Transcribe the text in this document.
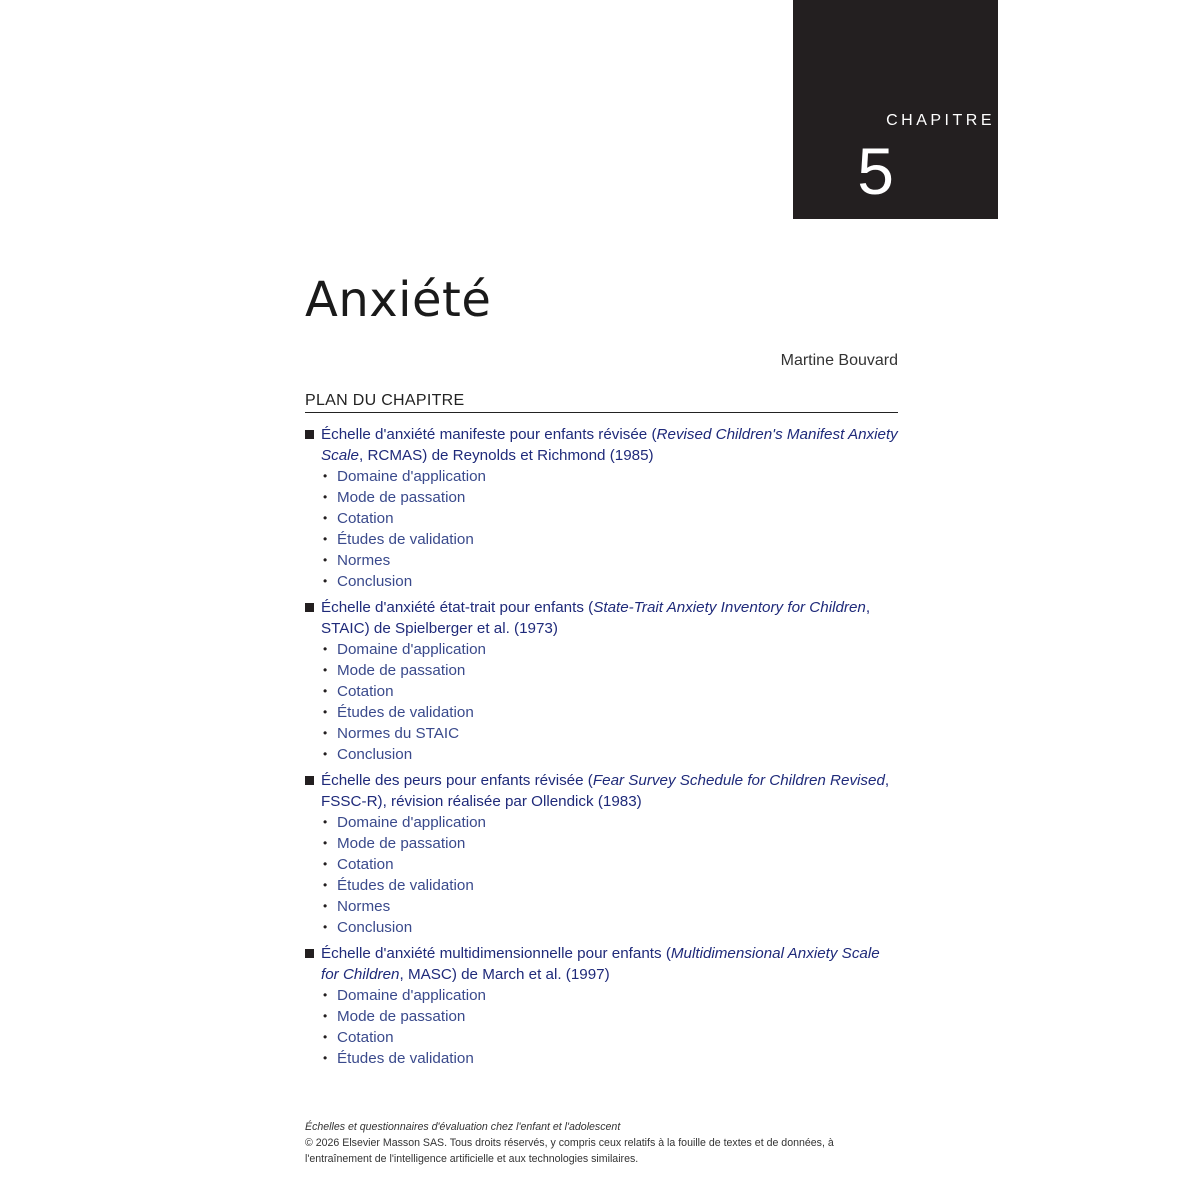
CHAPITRE
5
Anxiété
Martine Bouvard
PLAN DU CHAPITRE
Échelle d'anxiété manifeste pour enfants révisée (Revised Children's Manifest Anxiety Scale, RCMAS) de Reynolds et Richmond (1985)
• Domaine d'application
• Mode de passation
• Cotation
• Études de validation
• Normes
• Conclusion
Échelle d'anxiété état-trait pour enfants (State-Trait Anxiety Inventory for Children, STAIC) de Spielberger et al. (1973)
• Domaine d'application
• Mode de passation
• Cotation
• Études de validation
• Normes du STAIC
• Conclusion
Échelle des peurs pour enfants révisée (Fear Survey Schedule for Children Revised, FSSC-R), révision réalisée par Ollendick (1983)
• Domaine d'application
• Mode de passation
• Cotation
• Études de validation
• Normes
• Conclusion
Échelle d'anxiété multidimensionnelle pour enfants (Multidimensional Anxiety Scale for Children, MASC) de March et al. (1997)
• Domaine d'application
• Mode de passation
• Cotation
• Études de validation
Échelles et questionnaires d'évaluation chez l'enfant et l'adolescent
© 2026 Elsevier Masson SAS. Tous droits réservés, y compris ceux relatifs à la fouille de textes et de données, à l'entraînement de l'intelligence artificielle et aux technologies similaires.
